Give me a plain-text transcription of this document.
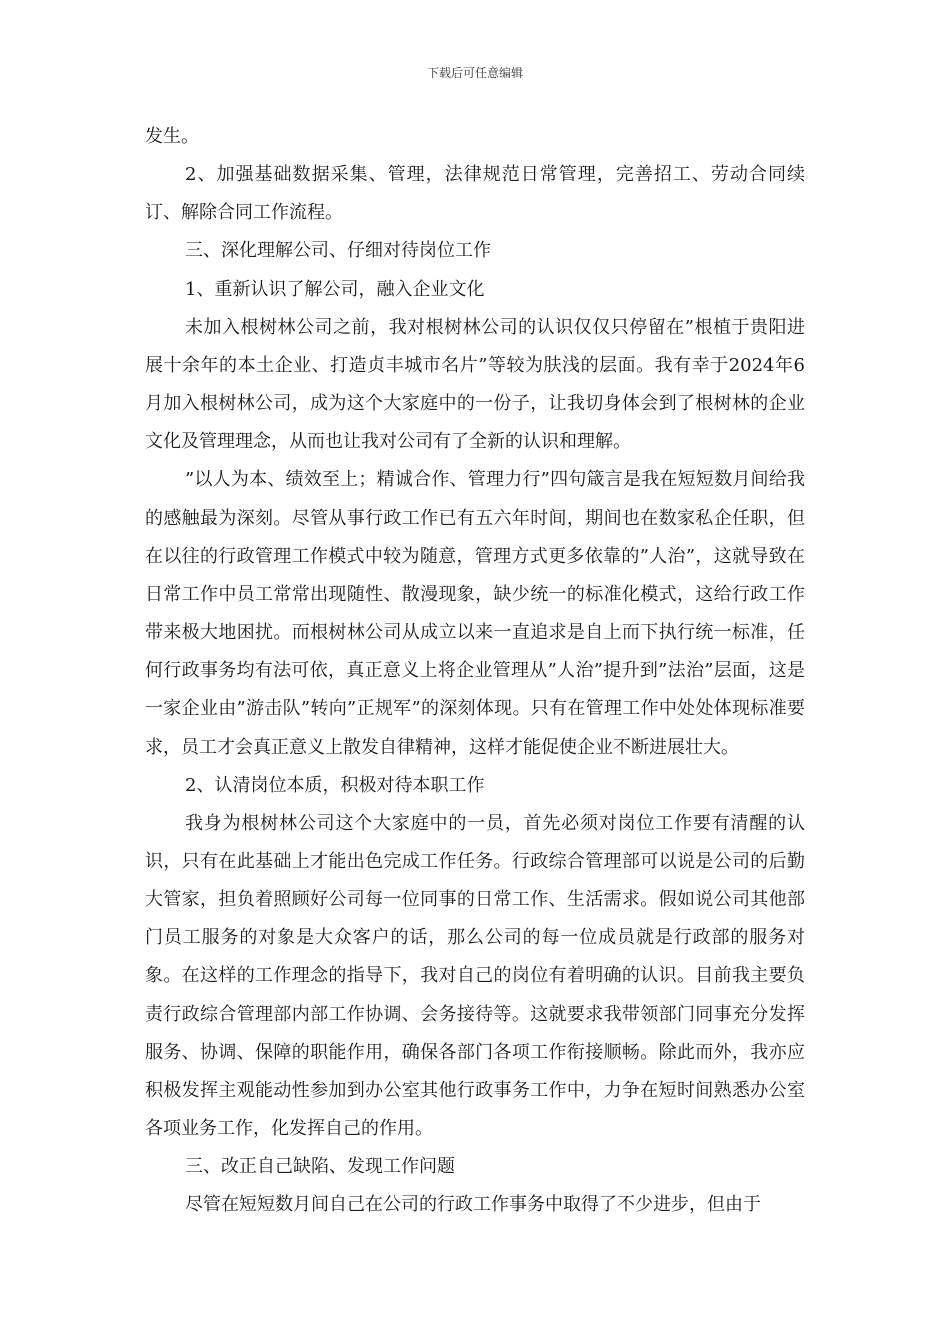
下载后可任意编辑

发生。

2、加强基础数据采集、管理，法律规范日常管理，完善招工、劳动合同续订、解除合同工作流程。

三、深化理解公司、仔细对待岗位工作

1、重新认识了解公司，融入企业文化

未加入根树林公司之前，我对根树林公司的认识仅仅只停留在”根植于贵阳进展十余年的本土企业、打造贞丰城市名片”等较为肤浅的层面。我有幸于2024年6月加入根树林公司，成为这个大家庭中的一份子，让我切身体会到了根树林的企业文化及管理理念，从而也让我对公司有了全新的认识和理解。

”以人为本、绩效至上；精诚合作、管理力行”四句箴言是我在短短数月间给我的感触最为深刻。尽管从事行政工作已有五六年时间，期间也在数家私企任职，但在以往的行政管理工作模式中较为随意，管理方式更多依靠的”人治”，这就导致在日常工作中员工常常出现随性、散漫现象，缺少统一的标准化模式，这给行政工作带来极大地困扰。而根树林公司从成立以来一直追求是自上而下执行统一标准，任何行政事务均有法可依，真正意义上将企业管理从”人治”提升到”法治”层面，这是一家企业由”游击队”转向”正规军”的深刻体现。只有在管理工作中处处体现标准要求，员工才会真正意义上散发自律精神，这样才能促使企业不断进展壮大。

2、认清岗位本质，积极对待本职工作

我身为根树林公司这个大家庭中的一员，首先必须对岗位工作要有清醒的认识，只有在此基础上才能出色完成工作任务。行政综合管理部可以说是公司的后勤大管家，担负着照顾好公司每一位同事的日常工作、生活需求。假如说公司其他部门员工服务的对象是大众客户的话，那么公司的每一位成员就是行政部的服务对象。在这样的工作理念的指导下，我对自己的岗位有着明确的认识。目前我主要负责行政综合管理部内部工作协调、会务接待等。这就要求我带领部门同事充分发挥服务、协调、保障的职能作用，确保各部门各项工作衔接顺畅。除此而外，我亦应积极发挥主观能动性参加到办公室其他行政事务工作中，力争在短时间熟悉办公室各项业务工作，化发挥自己的作用。

三、改正自己缺陷、发现工作问题

尽管在短短数月间自己在公司的行政工作事务中取得了不少进步，但由于
